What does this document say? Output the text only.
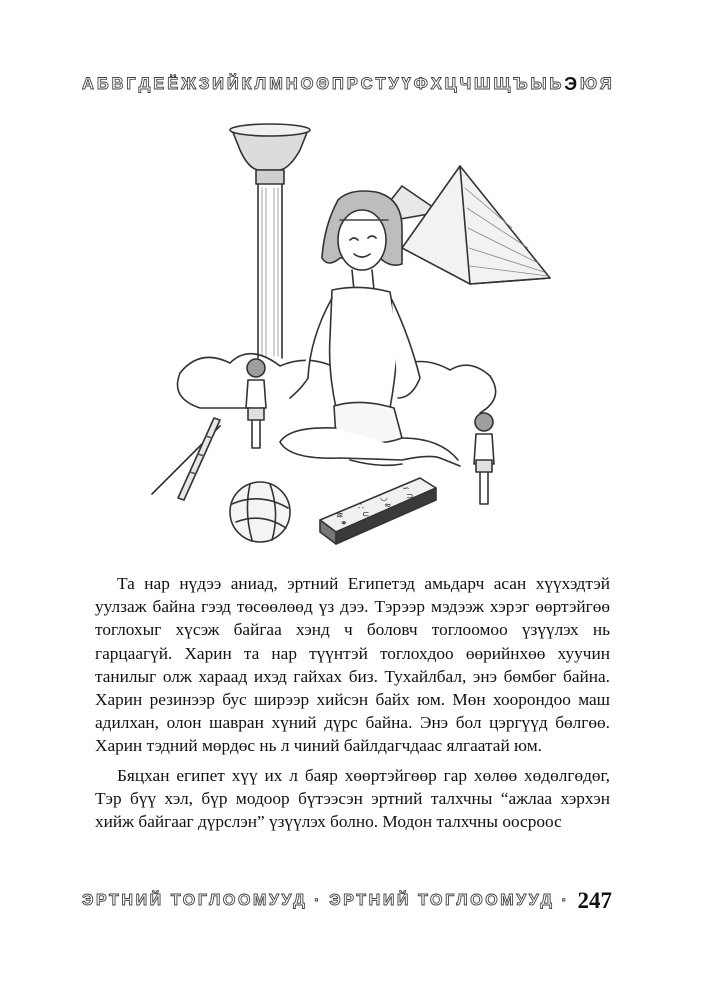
А Б В Г Д Е Ё Ж З И Й К Л М Н О Ө П Р С Т У Ү Ф Х Ц Ч Ш Щ Ъ Ы Ь Э Ю Я
≋
⚭
∴
⊂
◡
≈
∽
⊃

Та нар нүдээ аниад, эртний Египетэд амьдарч асан хүүхэдтэй уулзаж байна гээд төсөөлөөд үз дээ. Тэрээр мэдээж хэрэг өөртэйгөө тоглохыг хүсэж байгаа хэнд ч боловч тоглоомоо үзүүлэх нь гарцаагүй. Харин та нар түүнтэй тоглохдоо өөрийнхөө хуучин танилыг олж хараад ихэд гайхах биз. Тухайлбал, энэ бөмбөг байна. Харин резинээр бус ширээр хийсэн байх юм. Мөн хоорондоо маш адилхан, олон шавран хүний дүрс байна. Энэ бол цэргүүд бөлгөө. Харин тэдний мөрдөс нь л чиний байлдагчдаас ялгаатай юм.

Бяцхан египет хүү их л баяр хөөртэйгөөр гар хөлөө хөдөлгөдөг, Тэр бүү хэл, бүр модоор бүтээсэн эртний талхчны “ажлаа хэрхэн хийж байгааг дүрслэн” үзүүлэх болно. Модон талхчны оосроос

ЭРТНИЙ ТОГЛООМУУД · ЭРТНИЙ ТОГЛООМУУД · 247
